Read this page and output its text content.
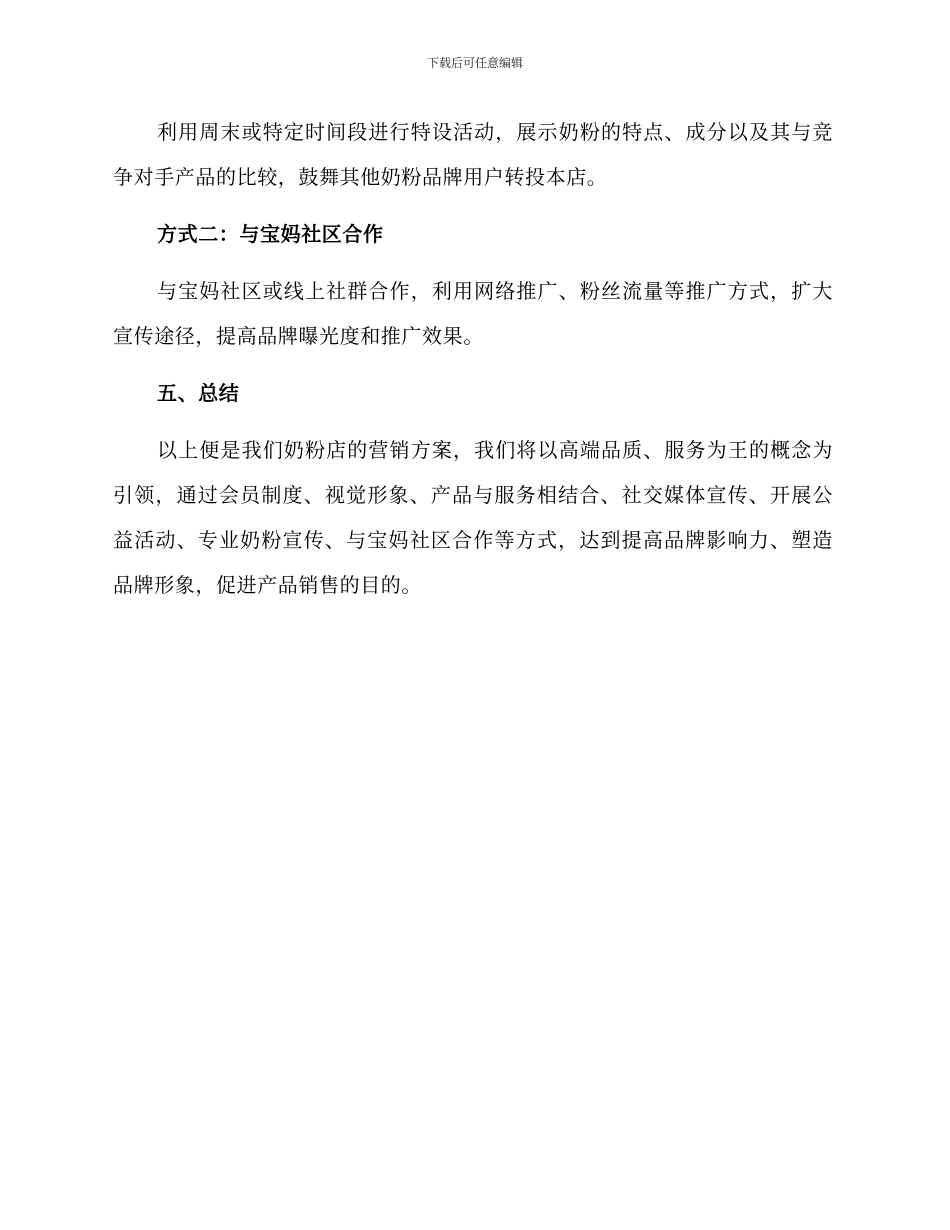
下载后可任意编辑

利用周末或特定时间段进行特设活动，展示奶粉的特点、成分以及其与竞争对手产品的比较，鼓舞其他奶粉品牌用户转投本店。

方式二：与宝妈社区合作

与宝妈社区或线上社群合作，利用网络推广、粉丝流量等推广方式，扩大宣传途径，提高品牌曝光度和推广效果。

五、总结

以上便是我们奶粉店的营销方案，我们将以高端品质、服务为王的概念为引领，通过会员制度、视觉形象、产品与服务相结合、社交媒体宣传、开展公益活动、专业奶粉宣传、与宝妈社区合作等方式，达到提高品牌影响力、塑造品牌形象，促进产品销售的目的。
